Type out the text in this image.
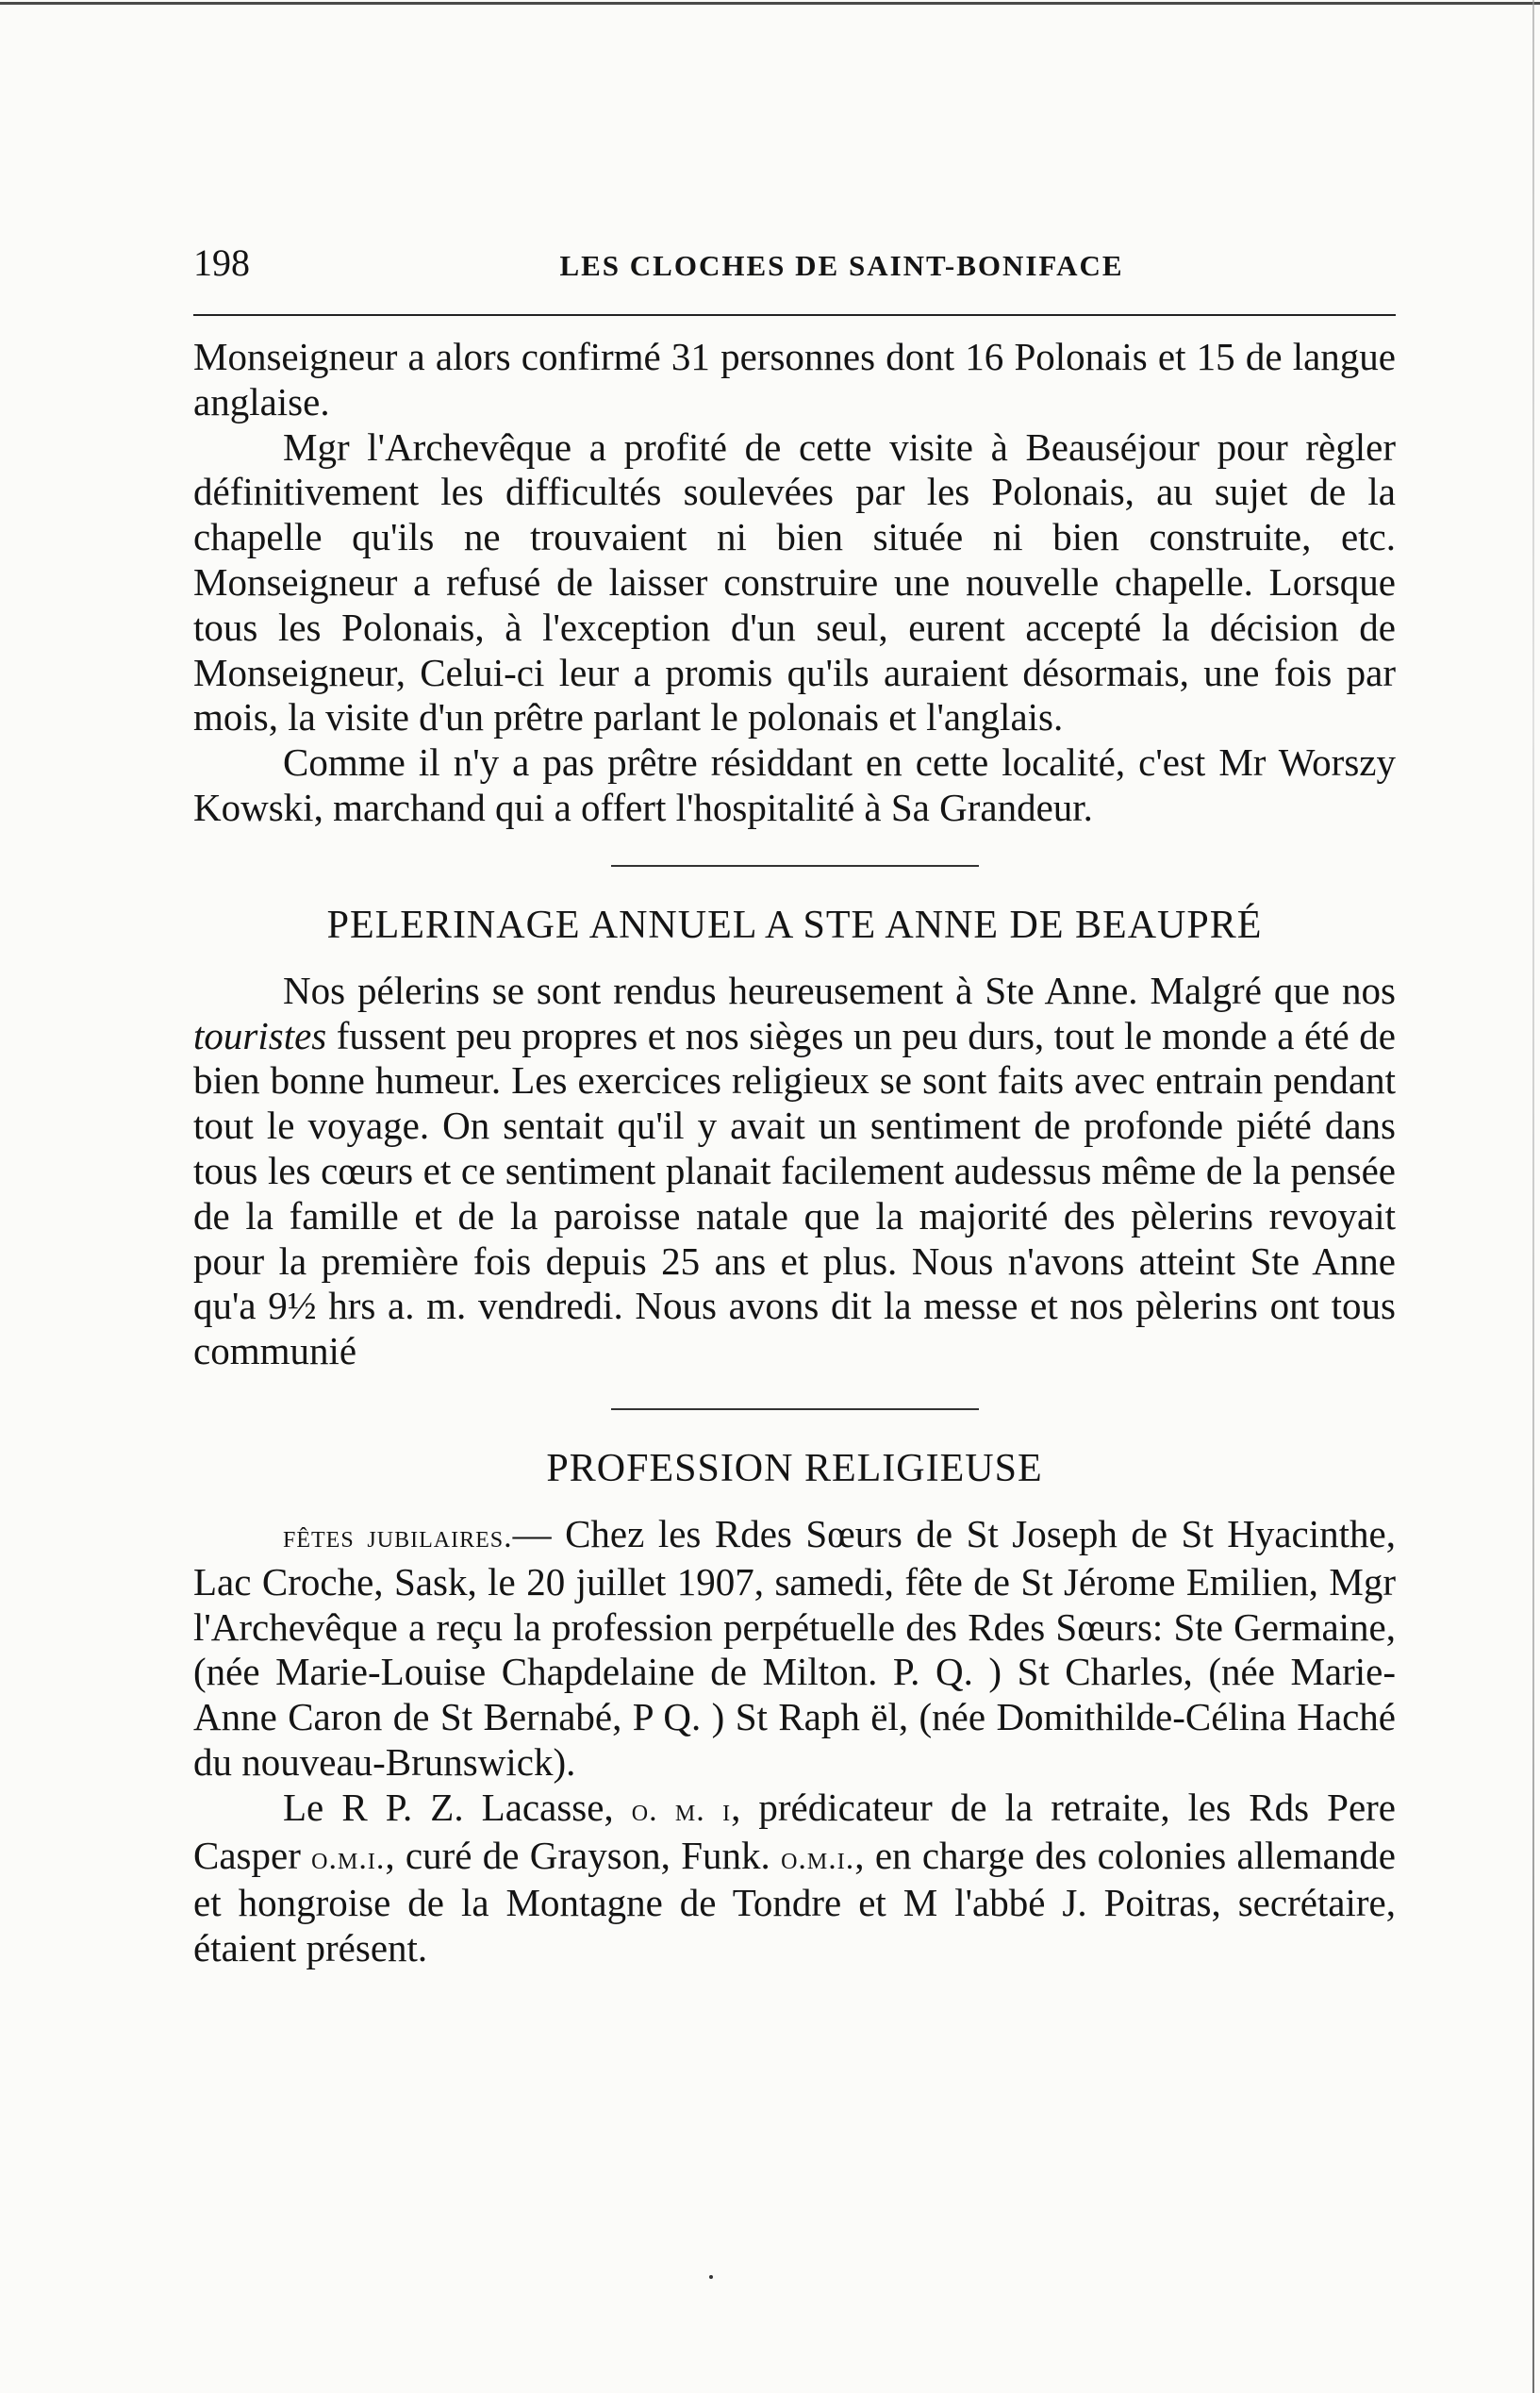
198	LES CLOCHES DE SAINT-BONIFACE

Monseigneur a alors confirmé 31 personnes dont 16 Polonais et 15 de langue anglaise.

Mgr l'Archevêque a profité de cette visite à Beauséjour pour règler définitivement les difficultés soulevées par les Polonais, au sujet de la chapelle qu'ils ne trouvaient ni bien située ni bien construite, etc. Monseigneur a refusé de laisser construire une nouvelle chapelle. Lorsque tous les Polonais, à l'exception d'un seul, eurent accepté la décision de Monseigneur, Celui-ci leur a promis qu'ils auraient désormais, une fois par mois, la visite d'un prêtre parlant le polonais et l'anglais.

Comme il n'y a pas prêtre résiddant en cette localité, c'est Mr Worszy Kowski, marchand qui a offert l'hospitalité à Sa Grandeur.

PELERINAGE ANNUEL A STE ANNE DE BEAUPRÉ

Nos pélerins se sont rendus heureusement à Ste Anne. Malgré que nos touristes fussent peu propres et nos sièges un peu durs, tout le monde a été de bien bonne humeur. Les exercices religieux se sont faits avec entrain pendant tout le voyage. On sentait qu'il y avait un sentiment de profonde piété dans tous les cœurs et ce sentiment planait facilement audessus même de la pensée de la famille et de la paroisse natale que la majorité des pèlerins revoyait pour la première fois depuis 25 ans et plus. Nous n'avons atteint Ste Anne qu'a 9½ hrs a. m. vendredi. Nous avons dit la messe et nos pèlerins ont tous communié

PROFESSION RELIGIEUSE

fêtes jubilaires.— Chez les Rdes Sœurs de St Joseph de St Hyacinthe, Lac Croche, Sask, le 20 juillet 1907, samedi, fête de St Jérome Emilien, Mgr l'Archevêque a reçu la profession perpétuelle des Rdes Sœurs: Ste Germaine, (née Marie-Louise Chapdelaine de Milton. P. Q. ) St Charles, (née Marie-Anne Caron de St Bernabé, P Q. ) St Raph ël, (née Domithilde-Célina Haché du nouveau-Brunswick).

Le R P. Z. Lacasse, o. m. i, prédicateur de la retraite, les Rds Pere Casper o.m.i., curé de Grayson, Funk. o.m.i., en charge des colonies allemande et hongroise de la Montagne de Tondre et M l'abbé J. Poitras, secrétaire, étaient présent.
